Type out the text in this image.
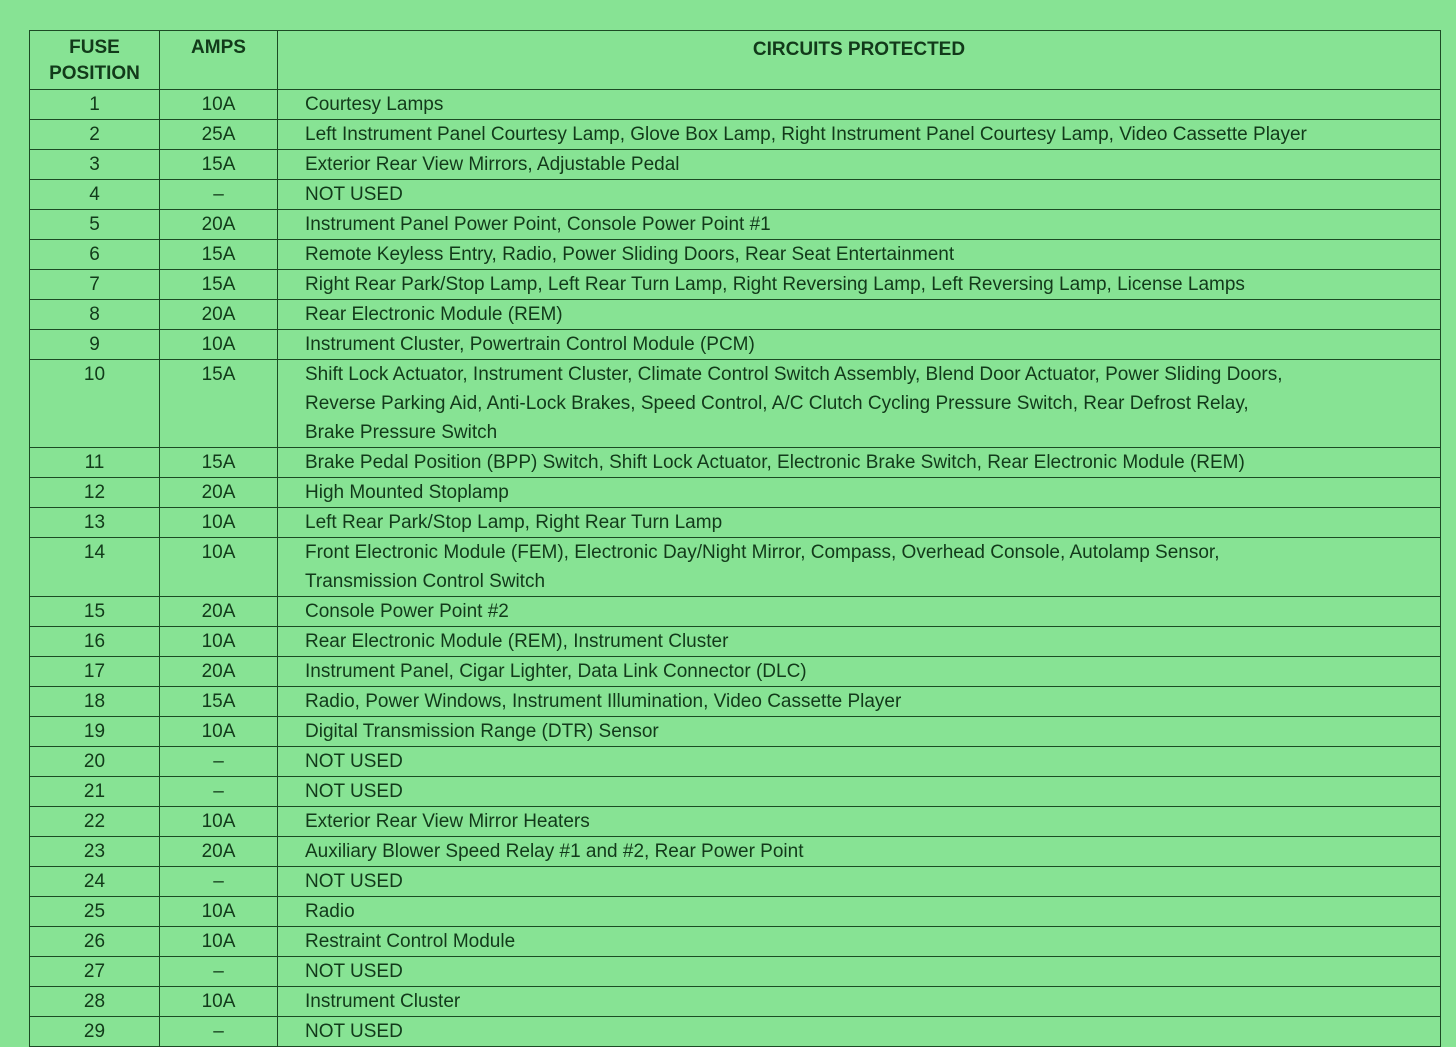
FUSE
POSITION	AMPS	CIRCUITS PROTECTED
1	10A	Courtesy Lamps

2	25A	Left Instrument Panel Courtesy Lamp, Glove Box Lamp, Right Instrument Panel Courtesy Lamp, Video Cassette Player

3	15A	Exterior Rear View Mirrors, Adjustable Pedal

4	–	NOT USED

5	20A	Instrument Panel Power Point, Console Power Point #1

6	15A	Remote Keyless Entry, Radio, Power Sliding Doors, Rear Seat Entertainment

7	15A	Right Rear Park/Stop Lamp, Left Rear Turn Lamp, Right Reversing Lamp, Left Reversing Lamp, License Lamps

8	20A	Rear Electronic Module (REM)

9	10A	Instrument Cluster, Powertrain Control Module (PCM)

10	15A	Shift Lock Actuator, Instrument Cluster, Climate Control Switch Assembly, Blend Door Actuator, Power Sliding Doors,
Reverse Parking Aid, Anti-Lock Brakes, Speed Control, A/C Clutch Cycling Pressure Switch, Rear Defrost Relay,
Brake Pressure Switch

11	15A	Brake Pedal Position (BPP) Switch, Shift Lock Actuator, Electronic Brake Switch, Rear Electronic Module (REM)

12	20A	High Mounted Stoplamp

13	10A	Left Rear Park/Stop Lamp, Right Rear Turn Lamp

14	10A	Front Electronic Module (FEM), Electronic Day/Night Mirror, Compass, Overhead Console, Autolamp Sensor,
Transmission Control Switch

15	20A	Console Power Point #2

16	10A	Rear Electronic Module (REM), Instrument Cluster

17	20A	Instrument Panel, Cigar Lighter, Data Link Connector (DLC)

18	15A	Radio, Power Windows, Instrument Illumination, Video Cassette Player

19	10A	Digital Transmission Range (DTR) Sensor

20	–	NOT USED

21	–	NOT USED

22	10A	Exterior Rear View Mirror Heaters

23	20A	Auxiliary Blower Speed Relay #1 and #2, Rear Power Point

24	–	NOT USED

25	10A	Radio

26	10A	Restraint Control Module

27	–	NOT USED

28	10A	Instrument Cluster

29	–	NOT USED
